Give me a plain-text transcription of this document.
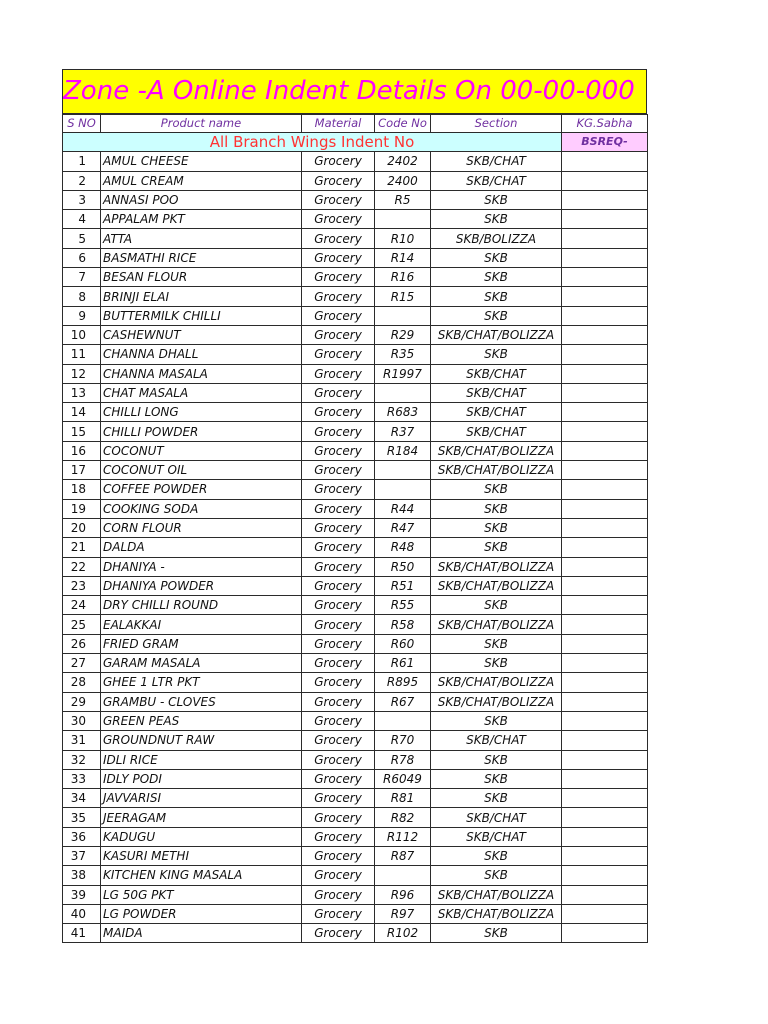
Zone -A Online Indent Details On 00-00-000
S NO	Product name	Material	Code No	Section	KG.Sabha
All Branch Wings Indent No					BSREQ-
1	AMUL CHEESE	Grocery	2402	SKB/CHAT	
2	AMUL CREAM	Grocery	2400	SKB/CHAT	
3	ANNASI POO	Grocery	R5	SKB	
4	APPALAM PKT	Grocery		SKB	
5	ATTA	Grocery	R10	SKB/BOLIZZA	
6	BASMATHI RICE	Grocery	R14	SKB	
7	BESAN FLOUR	Grocery	R16	SKB	
8	BRINJI ELAI	Grocery	R15	SKB	
9	BUTTERMILK CHILLI	Grocery		SKB	
10	CASHEWNUT	Grocery	R29	SKB/CHAT/BOLIZZA	
11	CHANNA DHALL	Grocery	R35	SKB	
12	CHANNA MASALA	Grocery	R1997	SKB/CHAT	
13	CHAT MASALA	Grocery		SKB/CHAT	
14	CHILLI LONG	Grocery	R683	SKB/CHAT	
15	CHILLI POWDER	Grocery	R37	SKB/CHAT	
16	COCONUT	Grocery	R184	SKB/CHAT/BOLIZZA	
17	COCONUT OIL	Grocery		SKB/CHAT/BOLIZZA	
18	COFFEE POWDER	Grocery		SKB	
19	COOKING SODA	Grocery	R44	SKB	
20	CORN FLOUR	Grocery	R47	SKB	
21	DALDA	Grocery	R48	SKB	
22	DHANIYA -	Grocery	R50	SKB/CHAT/BOLIZZA	
23	DHANIYA POWDER	Grocery	R51	SKB/CHAT/BOLIZZA	
24	DRY CHILLI ROUND	Grocery	R55	SKB	
25	EALAKKAI	Grocery	R58	SKB/CHAT/BOLIZZA	
26	FRIED GRAM	Grocery	R60	SKB	
27	GARAM MASALA	Grocery	R61	SKB	
28	GHEE 1 LTR PKT	Grocery	R895	SKB/CHAT/BOLIZZA	
29	GRAMBU - CLOVES	Grocery	R67	SKB/CHAT/BOLIZZA	
30	GREEN PEAS	Grocery		SKB	
31	GROUNDNUT RAW	Grocery	R70	SKB/CHAT	
32	IDLI RICE	Grocery	R78	SKB	
33	IDLY PODI	Grocery	R6049	SKB	
34	JAVVARISI	Grocery	R81	SKB	
35	JEERAGAM	Grocery	R82	SKB/CHAT	
36	KADUGU	Grocery	R112	SKB/CHAT	
37	KASURI METHI	Grocery	R87	SKB	
38	KITCHEN KING MASALA	Grocery		SKB	
39	LG 50G PKT	Grocery	R96	SKB/CHAT/BOLIZZA	
40	LG POWDER	Grocery	R97	SKB/CHAT/BOLIZZA	
41	MAIDA	Grocery	R102	SKB	
